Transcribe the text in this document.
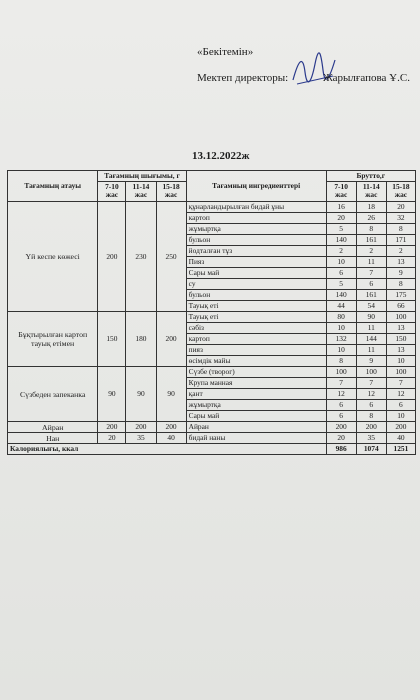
«Бекітемін»
Мектеп директоры:	Жарылғапова Ұ.С.
13.12.2022ж
Тағамның атауы	Тағамның шығымы, г			Тағамның ингредиенттері	Брутто,г		
	7-10 жас	11-14 жас	15-18 жас		7-10 жас	11-14 жас	15-18 жас
Үй кеспе көжесі	200	230	250	құнарландырылған бидай ұны	16	18	20
				картоп	20	26	32
				жұмыртқа	5	8	8
				бульон	140	161	171
				йодталған тұз	2	2	2
				Пияз	10	11	13
				Сары май	6	7	9
				су	5	6	8
				бульон	140	161	175
				Тауық еті	44	54	66
Бұқтырылған картоп тауық етімен	150	180	200	Тауық еті	80	90	100
				сәбіз	10	11	13
				картоп	132	144	150
				пияз	10	11	13
				өсімдік майы	8	9	10
Сүзбеден запеканка	90	90	90	Сүзбе (творог)	100	100	100
				Крупа манная	7	7	7
				қант	12	12	12
				жұмыртқа	6	6	6
				Сары май	6	8	10
Айран	200	200	200	Айран	200	200	200
Нан	20	35	40	бидай наны	20	35	40
Калориялығы, ккал					986	1074	1251
